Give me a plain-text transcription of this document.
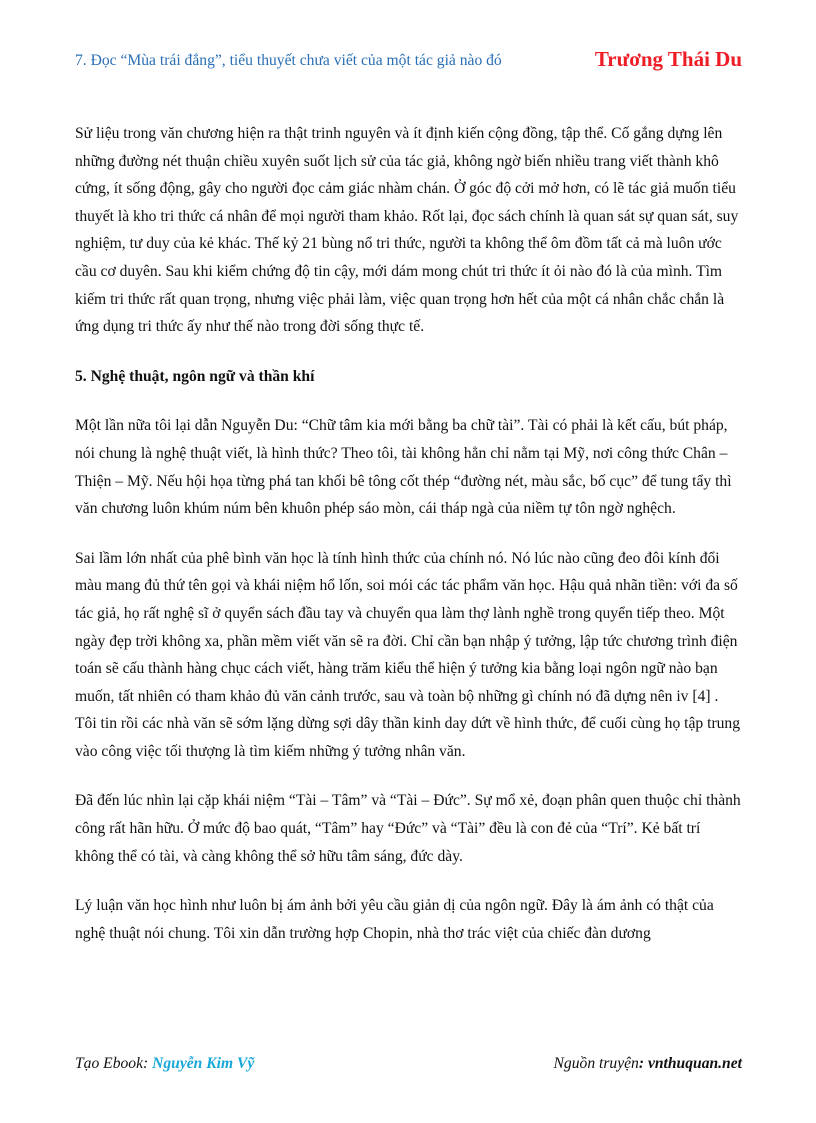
7. Đọc “Mùa trái đắng”, tiểu thuyết chưa viết của một tác giả nào đó	Trương Thái Du

Sử liệu trong văn chương hiện ra thật trinh nguyên và ít định kiến cộng đồng, tập thể. Cố gắng dựng lên những đường nét thuận chiều xuyên suốt lịch sử của tác giả, không ngờ biến nhiều trang viết thành khô cứng, ít sống động, gây cho người đọc cảm giác nhàm chán. Ở góc độ cởi mở hơn, có lẽ tác giả muốn tiểu thuyết là kho tri thức cá nhân để mọi người tham khảo. Rốt lại, đọc sách chính là quan sát sự quan sát, suy nghiệm, tư duy của kẻ khác. Thế kỷ 21 bùng nổ tri thức, người ta không thể ôm đồm tất cả mà luôn ước cầu cơ duyên. Sau khi kiểm chứng độ tin cậy, mới dám mong chút tri thức ít ỏi nào đó là của mình. Tìm kiếm tri thức rất quan trọng, nhưng việc phải làm, việc quan trọng hơn hết của một cá nhân chắc chắn là ứng dụng tri thức ấy như thế nào trong đời sống thực tế.

5. Nghệ thuật, ngôn ngữ và thần khí

Một lần nữa tôi lại dẫn Nguyễn Du: “Chữ tâm kia mới bằng ba chữ tài”. Tài có phải là kết cấu, bút pháp, nói chung là nghệ thuật viết, là hình thức? Theo tôi, tài không hẳn chỉ nằm tại Mỹ, nơi công thức Chân – Thiện – Mỹ. Nếu hội họa từng phá tan khối bê tông cốt thép “đường nét, màu sắc, bố cục” để tung tẩy thì văn chương luôn khúm núm bên khuôn phép sáo mòn, cái tháp ngà của niềm tự tôn ngờ nghệch.

Sai lầm lớn nhất của phê bình văn học là tính hình thức của chính nó. Nó lúc nào cũng đeo đôi kính đổi màu mang đủ thứ tên gọi và khái niệm hổ lốn, soi mói các tác phẩm văn học. Hậu quả nhãn tiền: với đa số tác giả, họ rất nghệ sĩ ở quyển sách đầu tay và chuyển qua làm thợ lành nghề trong quyển tiếp theo. Một ngày đẹp trời không xa, phần mềm viết văn sẽ ra đời. Chỉ cần bạn nhập ý tưởng, lập tức chương trình điện toán sẽ cấu thành hàng chục cách viết, hàng trăm kiểu thể hiện ý tưởng kia bằng loại ngôn ngữ nào bạn muốn, tất nhiên có tham khảo đủ văn cảnh trước, sau và toàn bộ những gì chính nó đã dựng nên iv [4] . Tôi tin rồi các nhà văn sẽ sớm lặng dừng sợi dây thần kinh day dứt về hình thức, để cuối cùng họ tập trung vào công việc tối thượng là tìm kiếm những ý tưởng nhân văn.

Đã đến lúc nhìn lại cặp khái niệm “Tài – Tâm” và “Tài – Đức”. Sự mổ xẻ, đoạn phân quen thuộc chỉ thành công rất hãn hữu. Ở mức độ bao quát, “Tâm” hay “Đức” và “Tài” đều là con đẻ của “Trí”. Kẻ bất trí không thể có tài, và càng không thể sở hữu tâm sáng, đức dày.

Lý luận văn học hình như luôn bị ám ảnh bởi yêu cầu giản dị của ngôn ngữ. Đây là ám ảnh có thật của nghệ thuật nói chung. Tôi xin dẫn trường hợp Chopin, nhà thơ trác việt của chiếc đàn dương

Tạo Ebook: Nguyễn Kim Vỹ	Nguồn truyện: vnthuquan.net
